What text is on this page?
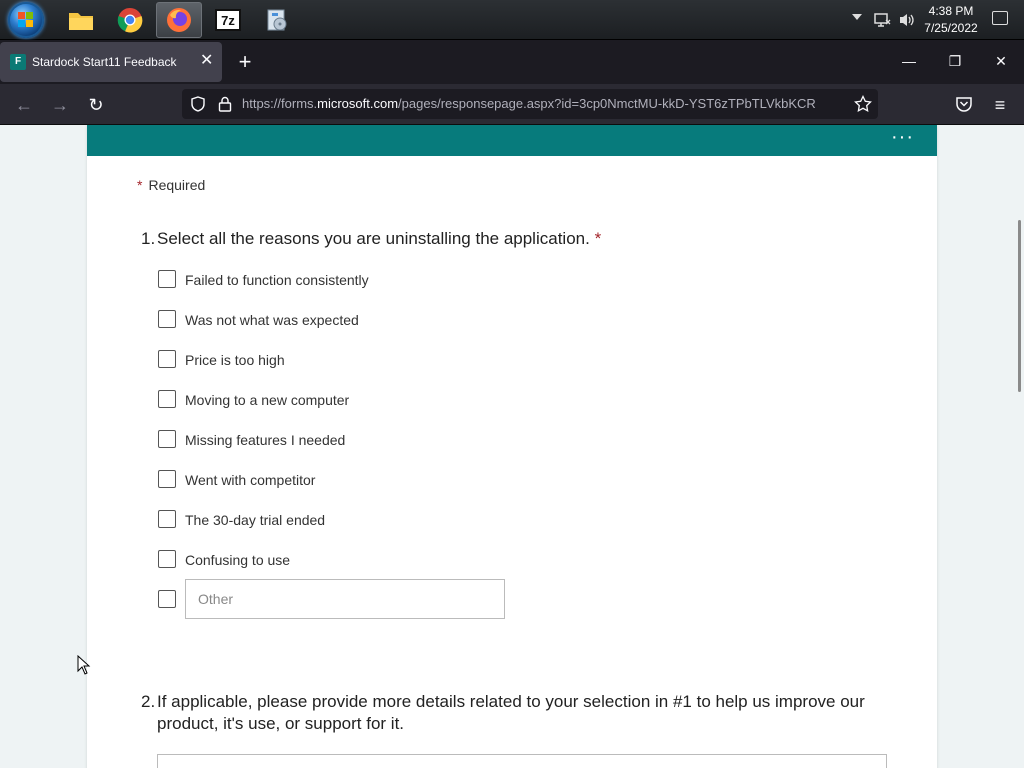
7z
4:38 PM
7/25/2022
F Stardock Start11 Feedback ✕ +	— ❐ ✕
← → ↻	https://forms.microsoft.com/pages/responsepage.aspx?id=3cp0NmctMU-kkD-YST6zTPbTLVkbKCR	≡
···
* Required
1. Select all the reasons you are uninstalling the application. *
Failed to function consistently
Was not what was expected
Price is too high
Moving to a new computer
Missing features I needed
Went with competitor
The 30-day trial ended
Confusing to use
Other
2. If applicable, please provide more details related to your selection in #1 to help us improve our product, it's use, or support for it.
